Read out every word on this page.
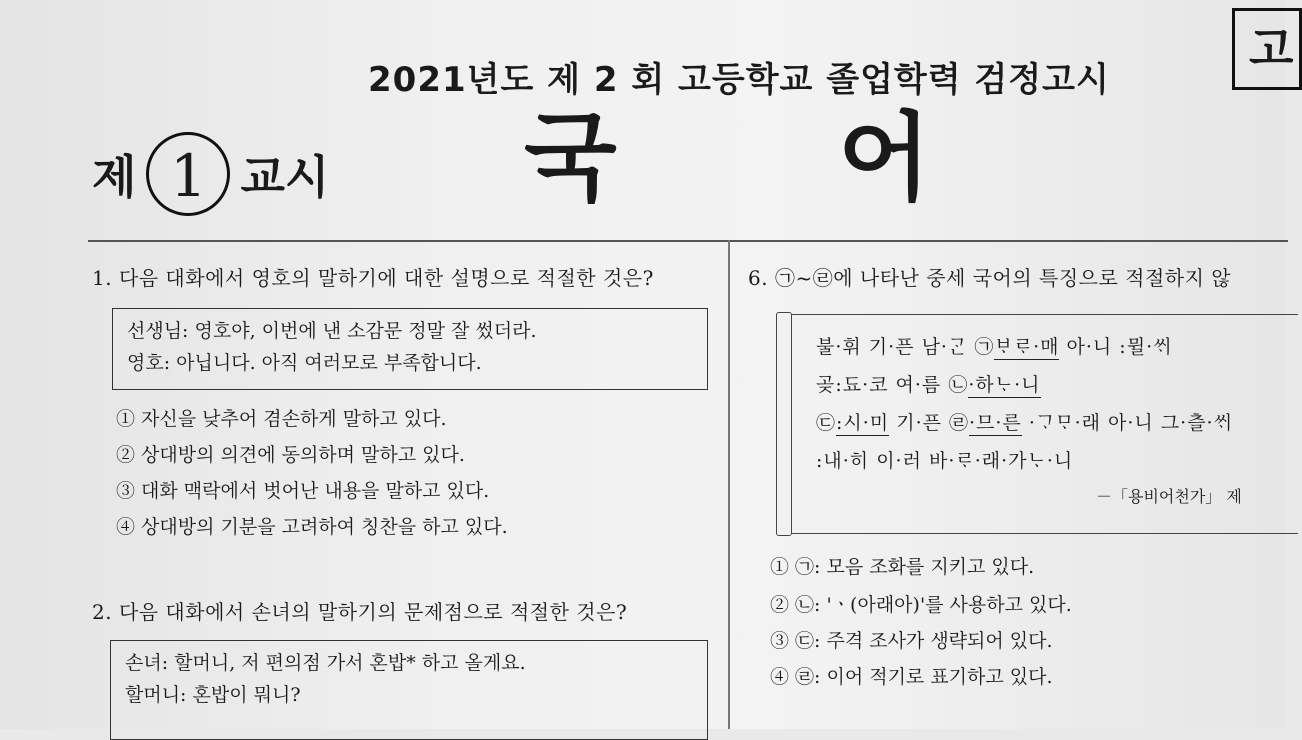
2021년도 제 2 회 고등학교 졸업학력 검정고시
고
제 1 교시 국 어
1. 다음 대화에서 영호의 말하기에 대한 설명으로 적절한 것은?
선생님: 영호야, 이번에 낸 소감문 정말 잘 썼더라.
영호: 아닙니다. 아직 여러모로 부족합니다.
① 자신을 낮추어 겸손하게 말하고 있다.
② 상대방의 의견에 동의하며 말하고 있다.
③ 대화 맥락에서 벗어난 내용을 말하고 있다.
④ 상대방의 기분을 고려하여 칭찬을 하고 있다.
2. 다음 대화에서 손녀의 말하기의 문제점으로 적절한 것은?
손녀: 할머니, 저 편의점 가서 혼밥* 하고 올게요.
할머니: 혼밥이 뭐니?
6. ㉠~㉣에 나타난 중세 국어의 특징으로 적절하지 않
불·휘 기·픈 남·ᄀᆞᆫ ㉠ᄇᆞᄅᆞ·매 아·니 :뮐·ᄊᆡ
곶:됴·코 여·름 ㉡·하ᄂᆞ·니
㉢:시·미 기·픈 ㉣·므·른 ·ᄀᆞᄆᆞ·래 아·니 그·츨·ᄊᆡ
:내·히 이·러 바·ᄅᆞ·래·가ᄂᆞ·니
－「용비어천가」 제
① ㉠: 모음 조화를 지키고 있다.
② ㉡: 'ㆍ(아래아)'를 사용하고 있다.
③ ㉢: 주격 조사가 생략되어 있다.
④ ㉣: 이어 적기로 표기하고 있다.
